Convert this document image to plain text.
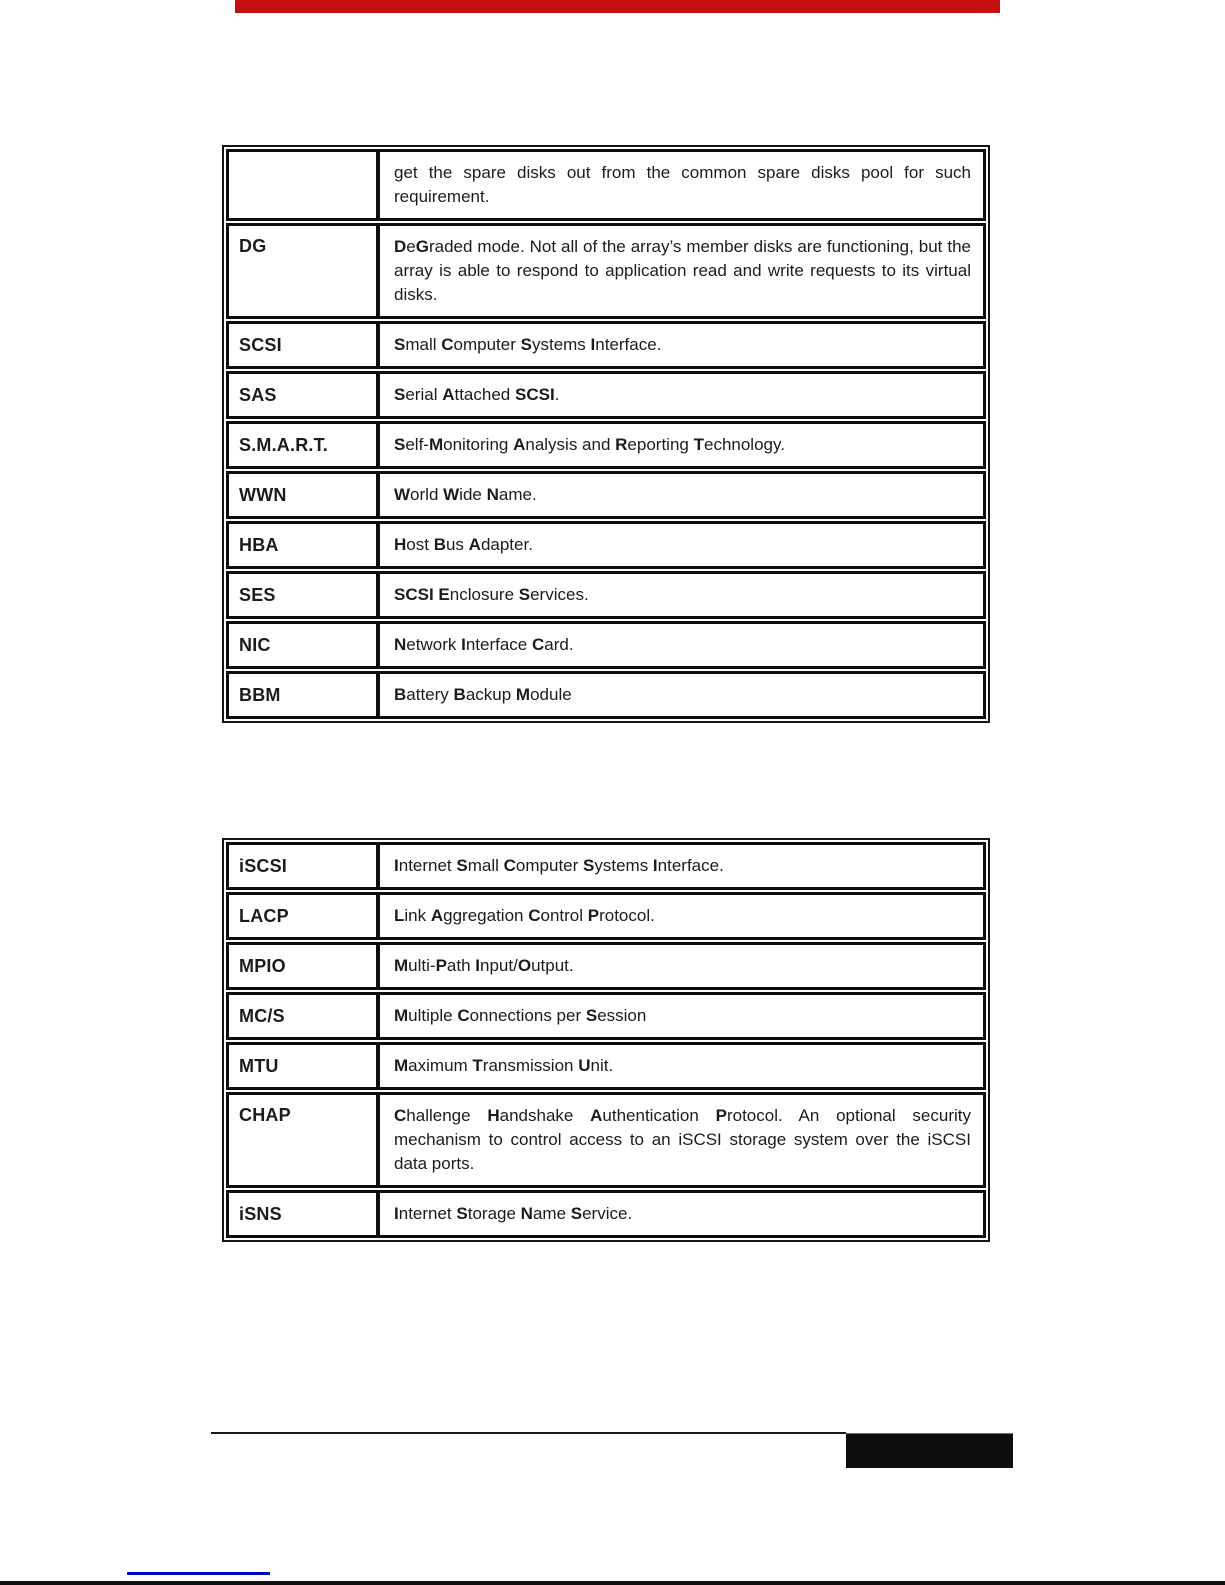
get the spare disks out from the common spare disks pool for such requirement.
DG	DeGraded mode. Not all of the array’s member disks are functioning, but the array is able to respond to application read and write requests to its virtual disks.
SCSI	Small Computer Systems Interface.
SAS	Serial Attached SCSI.
S.M.A.R.T.	Self-Monitoring Analysis and Reporting Technology.
WWN	World Wide Name.
HBA	Host Bus Adapter.
SES	SCSI Enclosure Services.
NIC	Network Interface Card.
BBM	Battery Backup Module
iSCSI	Internet Small Computer Systems Interface.
LACP	Link Aggregation Control Protocol.
MPIO	Multi-Path Input/Output.
MC/S	Multiple Connections per Session
MTU	Maximum Transmission Unit.
CHAP	Challenge Handshake Authentication Protocol. An optional security mechanism to control access to an iSCSI storage system over the iSCSI data ports.
iSNS	Internet Storage Name Service.
